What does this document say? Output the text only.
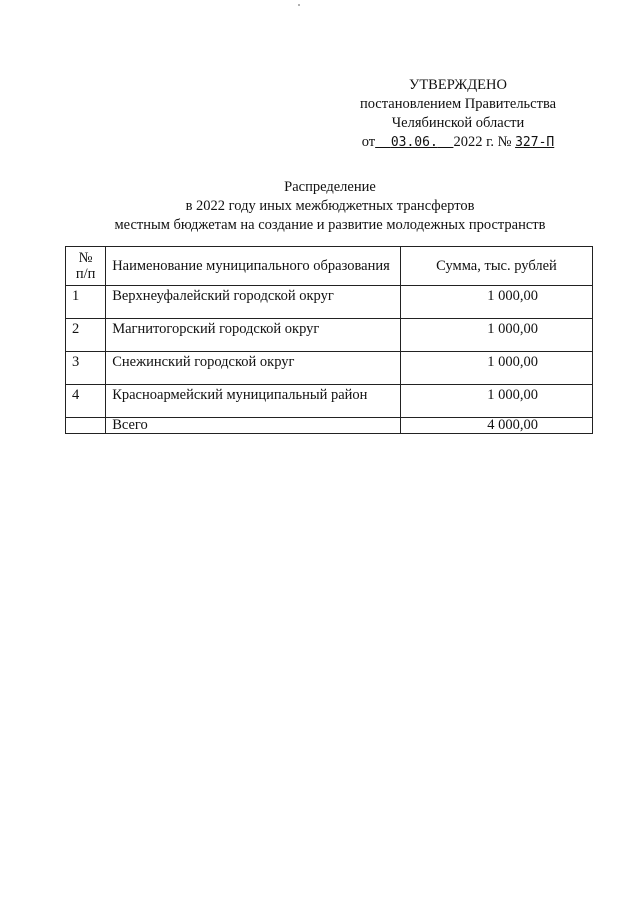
УТВЕРЖДЕНО
постановлением Правительства
Челябинской области
от 03.06. 2022 г. № 327-П
Распределение
в 2022 году иных межбюджетных трансфертов
местным бюджетам на создание и развитие молодежных пространств
№
п/п	Наименование муниципального образования	Сумма, тыс. рублей
1	Верхнеуфалейский городской округ	1 000,00
2	Магнитогорский городской округ	1 000,00
3	Снежинский городской округ	1 000,00
4	Красноармейский муниципальный район	1 000,00
	Всего	4 000,00
